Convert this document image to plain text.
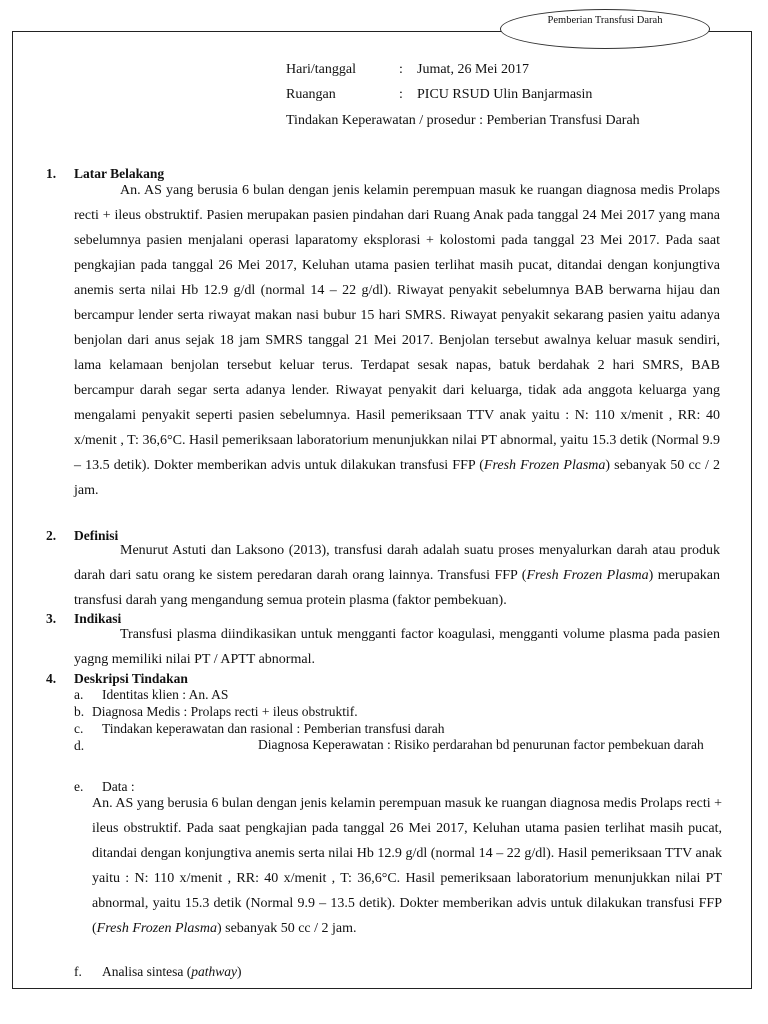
Pemberian Transfusi Darah
Hari/tanggal	: Jumat, 26 Mei 2017
Ruangan	: PICU RSUD Ulin Banjarmasin
Tindakan Keperawatan / prosedur : Pemberian Transfusi Darah
1. Latar Belakang
An. AS yang berusia 6 bulan dengan jenis kelamin perempuan masuk ke ruangan diagnosa medis Prolaps recti + ileus obstruktif. Pasien merupakan pasien pindahan dari Ruang Anak pada tanggal 24 Mei 2017 yang mana sebelumnya pasien menjalani operasi laparatomy eksplorasi + kolostomi pada tanggal 23 Mei 2017. Pada saat pengkajian pada tanggal 26 Mei 2017, Keluhan utama pasien terlihat masih pucat, ditandai dengan konjungtiva anemis serta nilai Hb 12.9 g/dl (normal 14 – 22 g/dl). Riwayat penyakit sebelumnya BAB berwarna hijau dan bercampur lender serta riwayat makan nasi bubur 15 hari SMRS. Riwayat penyakit sekarang pasien yaitu adanya benjolan dari anus sejak 18 jam SMRS tanggal 21 Mei 2017. Benjolan tersebut awalnya keluar masuk sendiri, lama kelamaan benjolan tersebut keluar terus. Terdapat sesak napas, batuk berdahak 2 hari SMRS, BAB bercampur darah segar serta adanya lender. Riwayat penyakit dari keluarga, tidak ada anggota keluarga yang mengalami penyakit seperti pasien sebelumnya. Hasil pemeriksaan TTV anak yaitu : N: 110 x/menit , RR: 40 x/menit , T: 36,6°C. Hasil pemeriksaan laboratorium menunjukkan nilai PT abnormal, yaitu 15.3 detik (Normal 9.9 – 13.5 detik). Dokter memberikan advis untuk dilakukan transfusi FFP (Fresh Frozen Plasma) sebanyak 50 cc / 2 jam.
2. Definisi
Menurut Astuti dan Laksono (2013), transfusi darah adalah suatu proses menyalurkan darah atau produk darah dari satu orang ke sistem peredaran darah orang lainnya. Transfusi FFP (Fresh Frozen Plasma) merupakan transfusi darah yang mengandung semua protein plasma (faktor pembekuan).
3. Indikasi
Transfusi plasma diindikasikan untuk mengganti factor koagulasi, mengganti volume plasma pada pasien yagng memiliki nilai PT / APTT abnormal.
4. Deskripsi Tindakan
a. Identitas klien : An. AS
b. Diagnosa Medis : Prolaps recti + ileus obstruktif.
c. Tindakan keperawatan dan rasional : Pemberian transfusi darah
d.	Diagnosa Keperawatan : Risiko perdarahan bd penurunan factor pembekuan darah
e. Data :
An. AS yang berusia 6 bulan dengan jenis kelamin perempuan masuk ke ruangan diagnosa medis Prolaps recti + ileus obstruktif. Pada saat pengkajian pada tanggal 26 Mei 2017, Keluhan utama pasien terlihat masih pucat, ditandai dengan konjungtiva anemis serta nilai Hb 12.9 g/dl (normal 14 – 22 g/dl). Hasil pemeriksaan TTV anak yaitu : N: 110 x/menit , RR: 40 x/menit , T: 36,6°C. Hasil pemeriksaan laboratorium menunjukkan nilai PT abnormal, yaitu 15.3 detik (Normal 9.9 – 13.5 detik). Dokter memberikan advis untuk dilakukan transfusi FFP (Fresh Frozen Plasma) sebanyak 50 cc / 2 jam.
f. Analisa sintesa (pathway)
